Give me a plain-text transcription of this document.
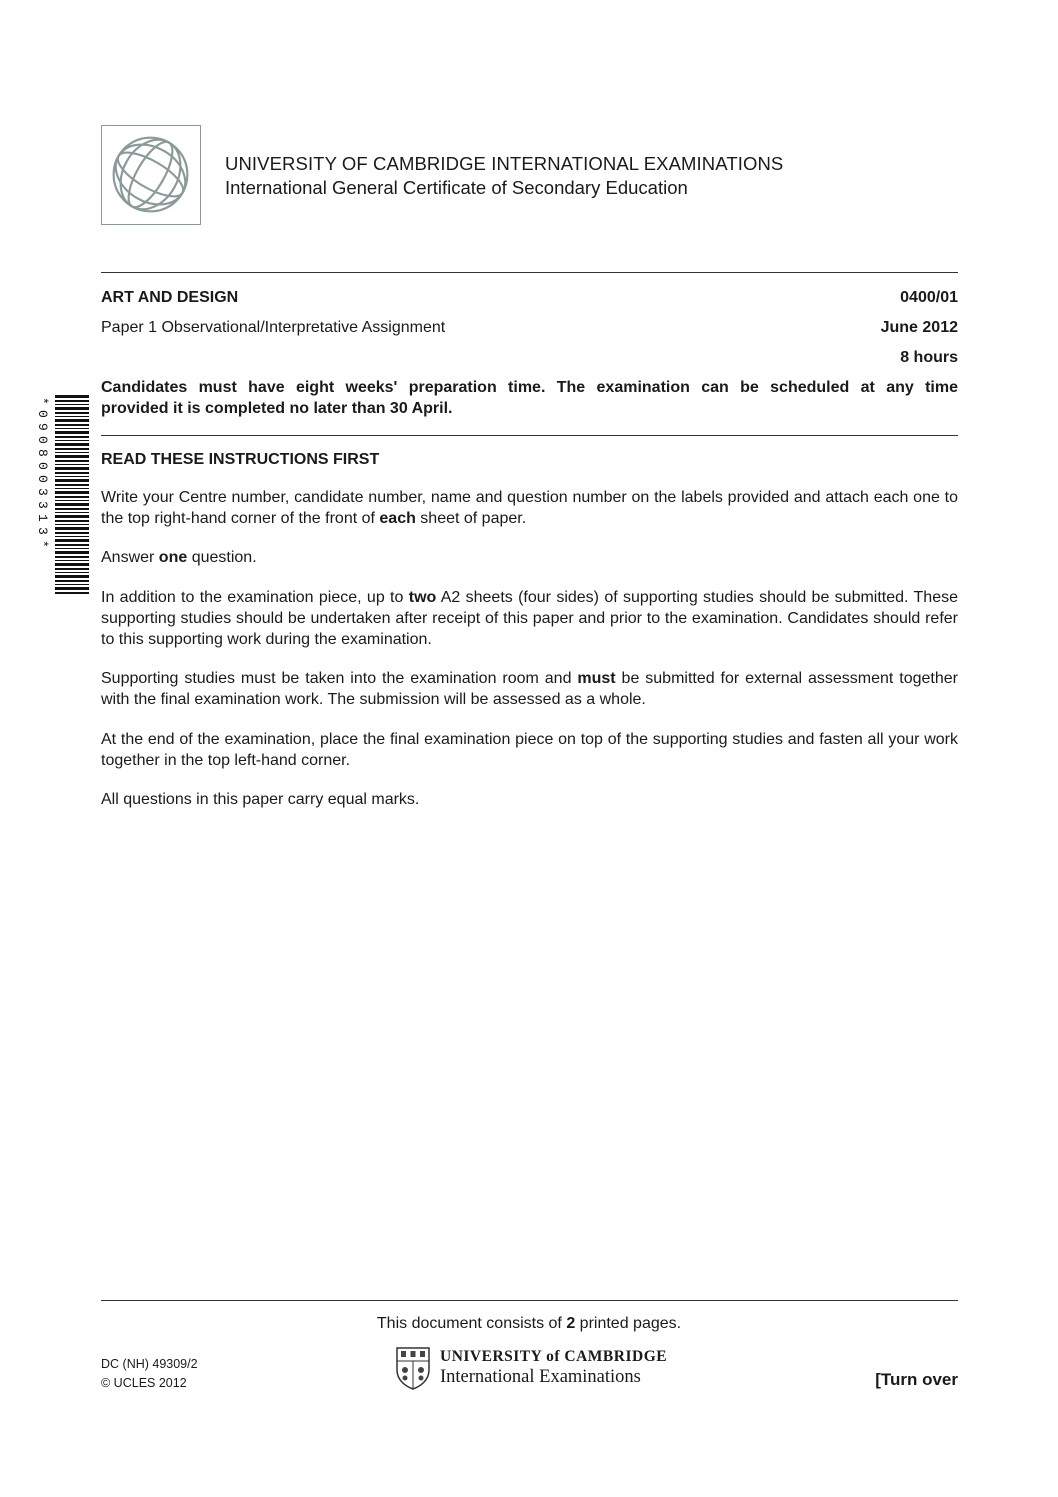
UNIVERSITY OF CAMBRIDGE INTERNATIONAL EXAMINATIONS
International General Certificate of Secondary Education
ART AND DESIGN	0400/01
Paper 1 Observational/Interpretative Assignment	June 2012
8 hours
Candidates must have eight weeks' preparation time. The examination can be scheduled at any time
provided it is completed no later than 30 April.
*0908003313*	READ THESE INSTRUCTIONS FIRST
Write your Centre number, candidate number, name and question number on the labels provided and attach each one to the top right-hand corner of the front of each sheet of paper.
Answer one question.
In addition to the examination piece, up to two A2 sheets (four sides) of supporting studies should be submitted. These supporting studies should be undertaken after receipt of this paper and prior to the examination. Candidates should refer to this supporting work during the examination.
Supporting studies must be taken into the examination room and must be submitted for external assessment together with the final examination work. The submission will be assessed as a whole.
At the end of the examination, place the final examination piece on top of the supporting studies and fasten all your work together in the top left-hand corner.
All questions in this paper carry equal marks.
This document consists of 2 printed pages.
DC (NH) 49309/2
© UCLES 2012
UNIVERSITY of CAMBRIDGE
International Examinations	[Turn over
